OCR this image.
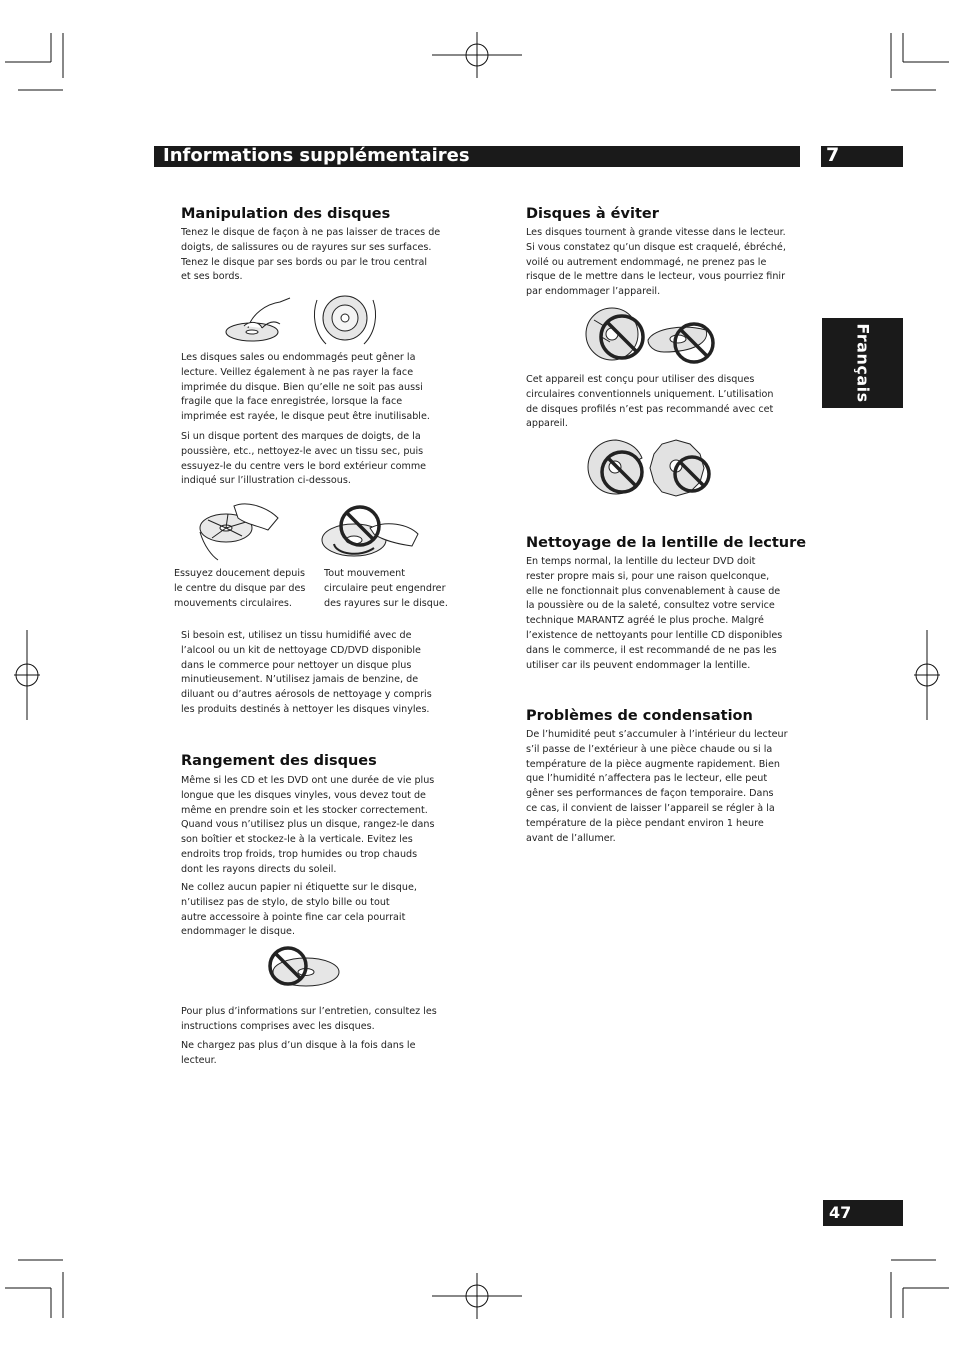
Informations supplémentaires	7
Français
47
Manipulation des disques

Tenez le disque de façon à ne pas laisser de traces de
doigts, de salissures ou de rayures sur ses surfaces.
Tenez le disque par ses bords ou par le trou central
et ses bords.

Les disques sales ou endommagés peut gêner la
lecture. Veillez également à ne pas rayer la face
imprimée du disque. Bien qu’elle ne soit pas aussi
fragile que la face enregistrée, lorsque la face
imprimée est rayée, le disque peut être inutilisable.

Si un disque portent des marques de doigts, de la
poussière, etc., nettoyez-le avec un tissu sec, puis
essuyez-le du centre vers le bord extérieur comme
indiqué sur l’illustration ci-dessous.

Essuyez doucement depuis
le centre du disque par des
mouvements circulaires.

Tout mouvement
circulaire peut engendrer
des rayures sur le disque.

Si besoin est, utilisez un tissu humidifié avec de
l’alcool ou un kit de nettoyage CD/DVD disponible
dans le commerce pour nettoyer un disque plus
minutieusement. N’utilisez jamais de benzine, de
diluant ou d’autres aérosols de nettoyage y compris
les produits destinés à nettoyer les disques vinyles.

Rangement des disques

Même si les CD et les DVD ont une durée de vie plus
longue que les disques vinyles, vous devez tout de
même en prendre soin et les stocker correctement.
Quand vous n’utilisez plus un disque, rangez-le dans
son boîtier et stockez-le à la verticale. Evitez les
endroits trop froids, trop humides ou trop chauds
dont les rayons directs du soleil.

Ne collez aucun papier ni étiquette sur le disque,
n’utilisez pas de stylo, de stylo bille ou tout
autre accessoire à pointe fine car cela pourrait
endommager le disque.

Pour plus d’informations sur l’entretien, consultez les
instructions comprises avec les disques.

Ne chargez pas plus d’un disque à la fois dans le
lecteur.

Disques à éviter

Les disques tournent à grande vitesse dans le lecteur.
Si vous constatez qu’un disque est craquelé, ébréché,
voilé ou autrement endommagé, ne prenez pas le
risque de le mettre dans le lecteur, vous pourriez finir
par endommager l’appareil.

Cet appareil est conçu pour utiliser des disques
circulaires conventionnels uniquement. L’utilisation
de disques profilés n’est pas recommandé avec cet
appareil.

Nettoyage de la lentille de lecture

En temps normal, la lentille du lecteur DVD doit
rester propre mais si, pour une raison quelconque,
elle ne fonctionnait plus convenablement à cause de
la poussière ou de la saleté, consultez votre service
technique MARANTZ agréé le plus proche. Malgré
l’existence de nettoyants pour lentille CD disponibles
dans le commerce, il est recommandé de ne pas les
utiliser car ils peuvent endommager la lentille.

Problèmes de condensation

De l’humidité peut s’accumuler à l’intérieur du lecteur
s’il passe de l’extérieur à une pièce chaude ou si la
température de la pièce augmente rapidement. Bien
que l’humidité n’affectera pas le lecteur, elle peut
gêner ses performances de façon temporaire. Dans
ce cas, il convient de laisser l’appareil se régler à la
température de la pièce pendant environ 1 heure
avant de l’allumer.
